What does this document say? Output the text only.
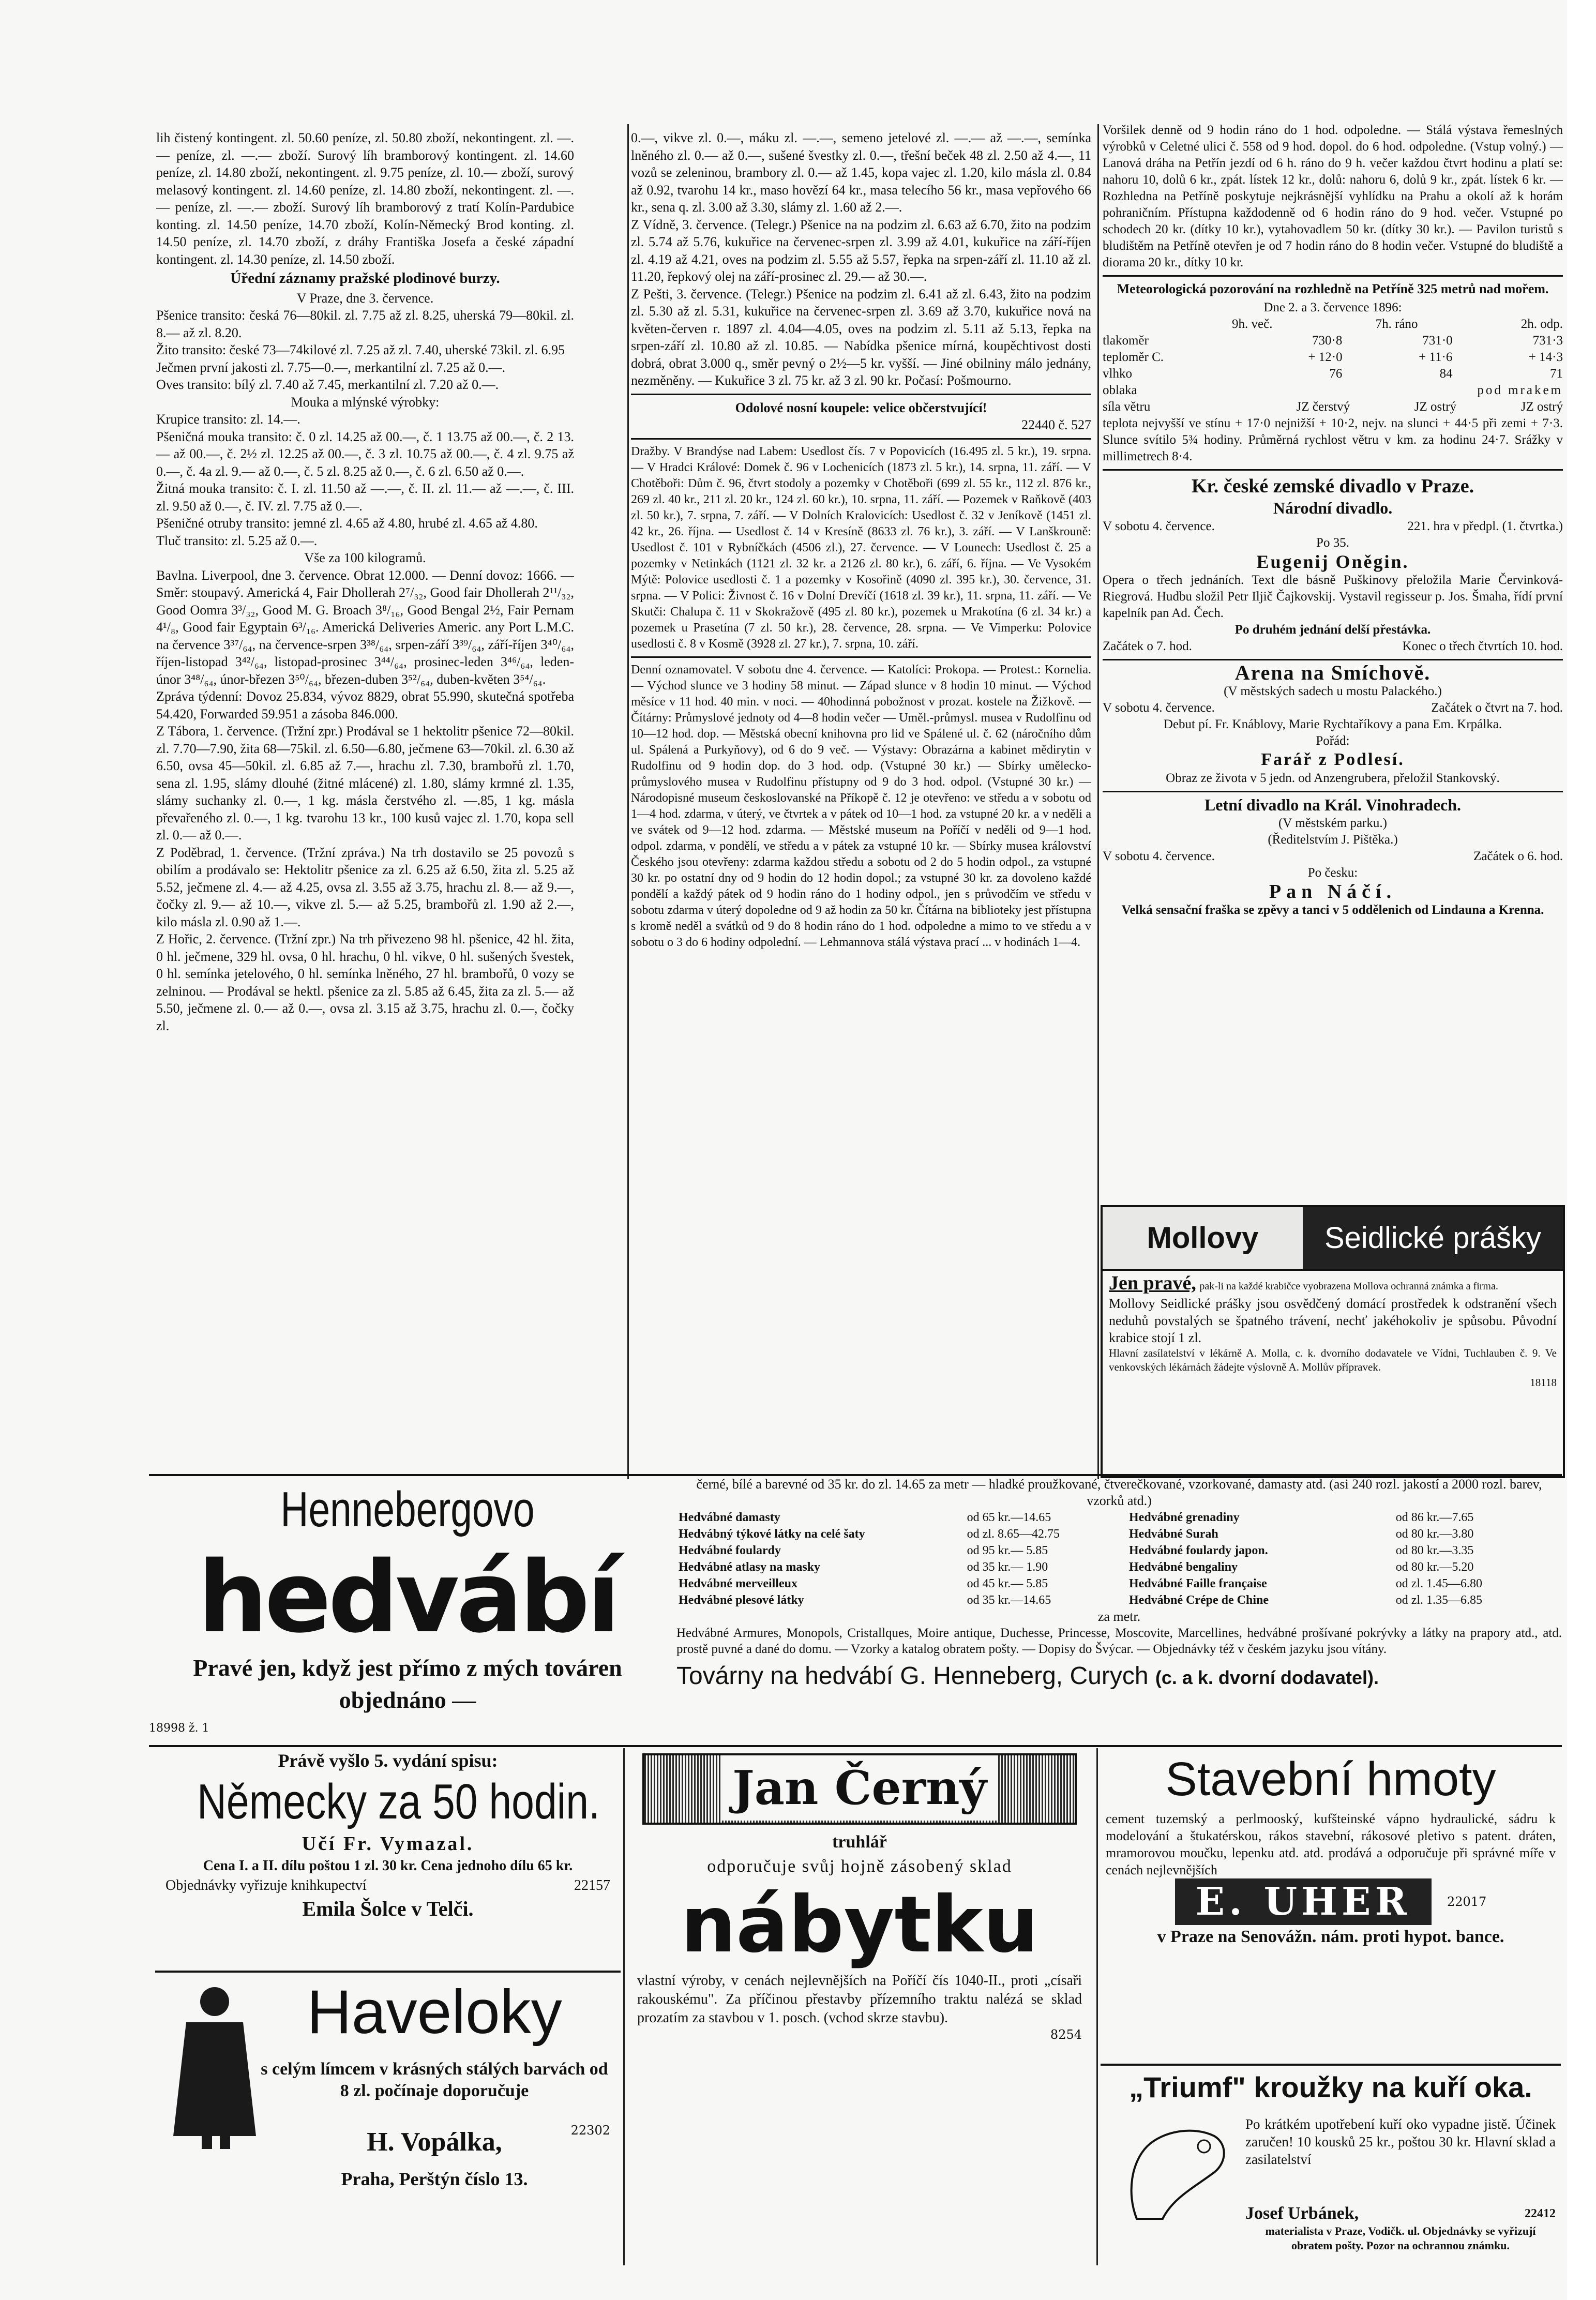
lih čistený kontingent. zl. 50.60 peníze, zl. 50.80 zboží, nekontingent. zl. —.— peníze, zl. —.— zboží. Surový líh bramborový kontingent. zl. 14.60 peníze, zl. 14.80 zboží, nekontingent. zl. 9.75 peníze, zl. 10.— zboží, surový melasový kontingent. zl. 14.60 peníze, zl. 14.80 zboží, nekontingent. zl. —.— peníze, zl. —.— zboží. Surový líh bramborový z tratí Kolín-Pardubice konting. zl. 14.50 peníze, 14.70 zboží, Kolín-Německý Brod konting. zl. 14.50 peníze, zl. 14.70 zboží, z dráhy Františka Josefa a české západní kontingent. zl. 14.30 peníze, zl. 14.50 zboží.

Úřední záznamy pražské plodinové burzy.

V Praze, dne 3. července.

Pšenice transito: česká 76—80kil. zl. 7.75 až zl. 8.25, uherská 79—80kil. zl. 8.— až zl. 8.20.

Žito transito: české 73—74kilové zl. 7.25 až zl. 7.40, uherské 73kil. zl. 6.95

Ječmen první jakosti zl. 7.75—0.—, merkantilní zl. 7.25 až 0.—.

Oves transito: bílý zl. 7.40 až 7.45, merkantilní zl. 7.20 až 0.—.

Mouka a mlýnské výrobky:

Krupice transito: zl. 14.—.

Pšeničná mouka transito: č. 0 zl. 14.25 až 00.—, č. 1 13.75 až 00.—, č. 2 13.— až 00.—, č. 2½ zl. 12.25 až 00.—, č. 3 zl. 10.75 až 00.—, č. 4 zl. 9.75 až 0.—, č. 4a zl. 9.— až 0.—, č. 5 zl. 8.25 až 0.—, č. 6 zl. 6.50 až 0.—.

Žitná mouka transito: č. I. zl. 11.50 až —.—, č. II. zl. 11.— až —.—, č. III. zl. 9.50 až 0.—, č. IV. zl. 7.75 až 0.—.

Pšeničné otruby transito: jemné zl. 4.65 až 4.80, hrubé zl. 4.65 až 4.80.

Tluč transito: zl. 5.25 až 0.—.

Vše za 100 kilogramů.

Bavlna. Liverpool, dne 3. července. Obrat 12.000. — Denní dovoz: 1666. — Směr: stoupavý. Americká 4, Fair Dhollerah 2⁷/₃₂, Good fair Dhollerah 2¹¹/₃₂, Good Oomra 3³/₃₂, Good M. G. Broach 3⁸/₁₆, Good Bengal 2½, Fair Pernam 4¹/₈, Good fair Egyptain 6³/₁₆. Americká Deliveries Americ. any Port L.M.C. na července 3³⁷/₆₄, na července-srpen 3³⁸/₆₄, srpen-září 3³⁹/₆₄, září-říjen 3⁴⁰/₆₄, říjen-listopad 3⁴²/₆₄, listopad-prosinec 3⁴⁴/₆₄, prosinec-leden 3⁴⁶/₆₄, leden-únor 3⁴⁸/₆₄, únor-březen 3⁵⁰/₆₄, březen-duben 3⁵²/₆₄, duben-květen 3⁵⁴/₆₄.

Zpráva týdenní: Dovoz 25.834, vývoz 8829, obrat 55.990, skutečná spotřeba 54.420, Forwarded 59.951 a zásoba 846.000.

Z Tábora, 1. července. (Tržní zpr.) Prodával se 1 hektolitr pšenice 72—80kil. zl. 7.70—7.90, žita 68—75kil. zl. 6.50—6.80, ječmene 63—70kil. zl. 6.30 až 6.50, ovsa 45—50kil. zl. 6.85 až 7.—, hrachu zl. 7.30, brambořů zl. 1.70, sena zl. 1.95, slámy dlouhé (žitné mlácené) zl. 1.80, slámy krmné zl. 1.35, slámy suchanky zl. 0.—, 1 kg. másla čerstvého zl. —.85, 1 kg. másla převařeného zl. 0.—, 1 kg. tvarohu 13 kr., 100 kusů vajec zl. 1.70, kopa sell zl. 0.— až 0.—.

Z Poděbrad, 1. července. (Tržní zpráva.) Na trh dostavilo se 25 povozů s obilím a prodávalo se: Hektolitr pšenice za zl. 6.25 až 6.50, žita zl. 5.25 až 5.52, ječmene zl. 4.— až 4.25, ovsa zl. 3.55 až 3.75, hrachu zl. 8.— až 9.—, čočky zl. 9.— až 10.—, vikve zl. 5.— až 5.25, brambořů zl. 1.90 až 2.—, kilo másla zl. 0.90 až 1.—.

Z Hořic, 2. července. (Tržní zpr.) Na trh přivezeno 98 hl. pšenice, 42 hl. žita, 0 hl. ječmene, 329 hl. ovsa, 0 hl. hrachu, 0 hl. vikve, 0 hl. sušených švestek, 0 hl. semínka jetelového, 0 hl. semínka lněného, 27 hl. brambořů, 0 vozy se zelninou. — Prodával se hektl. pšenice za zl. 5.85 až 6.45, žita za zl. 5.— až 5.50, ječmene zl. 0.— až 0.—, ovsa zl. 3.15 až 3.75, hrachu zl. 0.—, čočky zl.

0.—, vikve zl. 0.—, máku zl. —.—, semeno jetelové zl. —.— až —.—, semínka lněného zl. 0.— až 0.—, sušené švestky zl. 0.—, třešní beček 48 zl. 2.50 až 4.—, 11 vozů se zeleninou, brambory zl. 0.— až 1.45, kopa vajec zl. 1.20, kilo másla zl. 0.84 až 0.92, tvarohu 14 kr., maso hovězí 64 kr., masa telecího 56 kr., masa vepřového 66 kr., sena q. zl. 3.00 až 3.30, slámy zl. 1.60 až 2.—.

Z Vídně, 3. července. (Telegr.) Pšenice na na podzim zl. 6.63 až 6.70, žito na podzim zl. 5.74 až 5.76, kukuřice na červenec-srpen zl. 3.99 až 4.01, kukuřice na září-říjen zl. 4.19 až 4.21, oves na podzim zl. 5.55 až 5.57, řepka na srpen-září zl. 11.10 až zl. 11.20, řepkový olej na září-prosinec zl. 29.— až 30.—.

Z Pešti, 3. července. (Telegr.) Pšenice na podzim zl. 6.41 až zl. 6.43, žito na podzim zl. 5.30 až zl. 5.31, kukuřice na červenec-srpen zl. 3.69 až 3.70, kukuřice nová na květen-červen r. 1897 zl. 4.04—4.05, oves na podzim zl. 5.11 až 5.13, řepka na srpen-září zl. 10.80 až zl. 10.85. — Nabídka pšenice mírná, koupěchtivost dosti dobrá, obrat 3.000 q., směr pevný o 2½—5 kr. vyšší. — Jiné obilniny málo jednány, nezměněny. — Kukuřice 3 zl. 75 kr. až 3 zl. 90 kr. Počasí: Pošmourno.

Odolové nosní koupele: velice občerstvující!

22440 č. 527

Dražby. V Brandýse nad Labem: Usedlost čís. 7 v Popovicích (16.495 zl. 5 kr.), 19. srpna. — V Hradci Králové: Domek č. 96 v Lochenicích (1873 zl. 5 kr.), 14. srpna, 11. září. — V Chotěboři: Dům č. 96, čtvrt stodoly a pozemky v Chotěboři (699 zl. 55 kr., 112 zl. 876 kr., 269 zl. 40 kr., 211 zl. 20 kr., 124 zl. 60 kr.), 10. srpna, 11. září. — Pozemek v Raňkově (403 zl. 50 kr.), 7. srpna, 7. září. — V Dolních Kralovicích: Usedlost č. 32 v Jeníkově (1451 zl. 42 kr., 26. října. — Usedlost č. 14 v Kresíně (8633 zl. 76 kr.), 3. září. — V Lanškrouně: Usedlost č. 101 v Rybníčkách (4506 zl.), 27. července. — V Lounech: Usedlost č. 25 a pozemky v Netinkách (1121 zl. 32 kr. a 2126 zl. 80 kr.), 6. září, 6. října. — Ve Vysokém Mýtě: Polovice usedlosti č. 1 a pozemky v Kosořině (4090 zl. 395 kr.), 30. července, 31. srpna. — V Polici: Živnost č. 16 v Dolní Drevíčí (1618 zl. 39 kr.), 11. srpna, 11. září. — Ve Skutči: Chalupa č. 11 v Skokražově (495 zl. 80 kr.), pozemek u Mrakotína (6 zl. 34 kr.) a pozemek u Prasetína (7 zl. 50 kr.), 28. července, 28. srpna. — Ve Vimperku: Polovice usedlosti č. 8 v Kosmě (3928 zl. 27 kr.), 7. srpna, 10. září.

Denní oznamovatel. V sobotu dne 4. července. — Katolíci: Prokopa. — Protest.: Kornelia. — Východ slunce ve 3 hodiny 58 minut. — Západ slunce v 8 hodin 10 minut. — Východ měsíce v 11 hod. 40 min. v noci. — 40hodinná pobožnost v prozat. kostele na Žižkově. — Čítárny: Průmyslové jednoty od 4—8 hodin večer — Uměl.-průmysl. musea v Rudolfinu od 10—12 hod. dop. — Městská obecní knihovna pro lid ve Spálené ul. č. 62 (náročního dům ul. Spálená a Purkyňovy), od 6 do 9 več. — Výstavy: Obrazárna a kabinet mědirytin v Rudolfinu od 9 hodin dop. do 3 hod. odp. (Vstupné 30 kr.) — Sbírky umělecko-průmyslového musea v Rudolfinu přístupny od 9 do 3 hod. odpol. (Vstupné 30 kr.) — Národopisné museum českoslovanské na Příkopě č. 12 je otevřeno: ve středu a v sobotu od 1—4 hod. zdarma, v úterý, ve čtvrtek a v pátek od 10—1 hod. za vstupné 20 kr. a v neděli a ve svátek od 9—12 hod. zdarma. — Městské museum na Poříčí v neděli od 9—1 hod. odpol. zdarma, v pondělí, ve středu a v pátek za vstupné 10 kr. — Sbírky musea království Českého jsou otevřeny: zdarma každou středu a sobotu od 2 do 5 hodin odpol., za vstupné 30 kr. po ostatní dny od 9 hodin do 12 hodin dopol.; za vstupné 30 kr. za dovoleno každé pondělí a každý pátek od 9 hodin ráno do 1 hodiny odpol., jen s průvodčím ve středu v sobotu zdarma v úterý dopoledne od 9 až hodin za 50 kr. Čítárna na biblioteky jest přístupna s kromě neděl a svátků od 9 do 8 hodin ráno do 1 hod. odpoledne a mimo to ve středu a v sobotu o 3 do 6 hodiny odpolední. — Lehmannova stálá výstava prací ... v hodinách 1—4.

Voršilek denně od 9 hodin ráno do 1 hod. odpoledne. — Stálá výstava řemeslných výrobků v Celetné ulici č. 558 od 9 hod. dopol. do 6 hod. odpoledne. (Vstup volný.) — Lanová dráha na Petřín jezdí od 6 h. ráno do 9 h. večer každou čtvrt hodinu a platí se: nahoru 10, dolů 6 kr., zpát. lístek 12 kr., dolů: nahoru 6, dolů 9 kr., zpát. lístek 6 kr. — Rozhledna na Petříně poskytuje nejkrásnější vyhlídku na Prahu a okolí až k horám pohraničním. Přístupna každodenně od 6 hodin ráno do 9 hod. večer. Vstupné po schodech 20 kr. (dítky 10 kr.), vytahovadlem 50 kr. (dítky 30 kr.). — Pavilon turistů s bludištěm na Petříně otevřen je od 7 hodin ráno do 8 hodin večer. Vstupné do bludiště a diorama 20 kr., dítky 10 kr.

Meteorologická pozorování na rozhledně na Petříně 325 metrů nad mořem.

Dne 2. a 3. července 1896:

9h. več.	7h. ráno	2h. odp.
tlakoměr	730·8	731·0	731·3
teploměr C.	+ 12·0	+ 11·6	+ 14·3
vlhko	76	84	71
oblaka	pod mrakem
síla větru	JZ čerstvý	JZ ostrý	JZ ostrý

teplota nejvyšší ve stínu + 17·0 nejnižší + 10·2, nejv. na slunci + 44·5 při zemi + 7·3. Slunce svítilo 5¾ hodiny. Průměrná rychlost větru v km. za hodinu 24·7. Srážky v millimetrech 8·4.

Kr. české zemské divadlo v Praze.

Národní divadlo.

V sobotu 4. července.	221. hra v předpl. (1. čtvrtka.)

Po 35.

Eugenij Oněgin.

Opera o třech jednáních. Text dle básně Puškinovy přeložila Marie Červinková-Riegrová. Hudbu složil Petr Iljič Čajkovskij. Vystavil regisseur p. Jos. Šmaha, řídí první kapelník pan Ad. Čech.

Po druhém jednání delší přestávka.

Začátek o 7. hod.	Konec o třech čtvrtích 10. hod.

Arena na Smíchově.

(V městských sadech u mostu Palackého.)

V sobotu 4. července.	Začátek o čtvrt na 7. hod.

Debut pí. Fr. Knáblovy, Marie Rychtaříkovy a pana Em. Krpálka.

Pořád:

Farář z Podlesí.

Obraz ze života v 5 jedn. od Anzengrubera, přeložil Stankovský.

Letní divadlo na Král. Vinohradech.

(V městském parku.)

(Ředitelstvím J. Pištěka.)

V sobotu 4. července.	Začátek o 6. hod.

Po česku:

Pan Náčí.

Velká sensační fraška se zpěvy a tanci v 5 oddělenich od Lindauna a Krenna.

Mollovy	Seidlické prášky

Jen pravé, pak-li na každé krabičce vyobrazena Mollova ochranná známka a firma.

Mollovy Seidlické prášky jsou osvědčený domácí prostředek k odstranění všech neduhů povstalých se špatného trávení, nechť jakéhokoliv je spůsobu. Původní krabice stojí 1 zl.

Hlavní zasílatelství v lékárně A. Molla, c. k. dvorního dodavatele ve Vídni, Tuchlauben č. 9. Ve venkovských lékárnách žádejte výslovně A. Mollův přípravek.

18118

Hennebergovo
hedvábí
Pravé jen, když jest přímo z mých továren objednáno —
18998 ž. 1

černé, bílé a barevné od 35 kr. do zl. 14.65 za metr — hladké proužkované, čtverečkované, vzorkované, damasty atd. (asi 240 rozl. jakostí a 2000 rozl. barev, vzorků atd.)

Hedvábné damasty	od 65 kr.—14.65
Hedvábný týkové látky na celé šaty	od zl. 8.65—42.75
Hedvábné foulardy	od 95 kr.— 5.85
Hedvábné atlasy na masky	od 35 kr.— 1.90
Hedvábné merveilleux	od 45 kr.— 5.85
Hedvábné plesové látky	od 35 kr.—14.65
Hedvábné grenadiny	od 86 kr.—7.65
Hedvábné Surah	od 80 kr.—3.80
Hedvábné foulardy japon.	od 80 kr.—3.35
Hedvábné bengaliny	od 80 kr.—5.20
Hedvábné Faille française	od zl. 1.45—6.80
Hedvábné Crépe de Chine	od zl. 1.35—6.85

za metr.

Hedvábné Armures, Monopols, Cristallques, Moire antique, Duchesse, Princesse, Moscovite, Marcellines, hedvábné prošívané pokrývky a látky na prapory atd., atd. prostě puvné a dané do domu. — Vzorky a katalog obratem pošty. — Dopisy do Švýcar. — Objednávky též v českém jazyku jsou vítány.

Továrny na hedvábí G. Henneberg, Curych (c. a k. dvorní dodavatel).
Právě vyšlo 5. vydání spisu:
Německy za 50 hodin.
Učí Fr. Vymazal.
Cena I. a II. dílu poštou 1 zl. 30 kr. Cena jednoho dílu 65 kr.
Objednávky vyřizuje knihkupectví	22157
Emila Šolce v Telči.
Haveloky
s celým límcem v krásných stálých barvách od 8 zl. počínaje doporučuje
H. Vopálka,	22302
Praha, Perštýn číslo 13.
Jan Černý
truhlář
odporučuje svůj hojně zásobený sklad
nábytku
vlastní výroby, v cenách nejlevnějších na Poříčí čís 1040-II., proti „císaři rakouskému". Za příčinou přestavby přízemního traktu nalézá se sklad prozatím za stavbou v 1. posch. (vchod skrze stavbu).
8254
Stavební hmoty
cement tuzemský a perlmooský, kufšteinské vápno hydraulické, sádru k modelování a štukatérskou, rákos stavební, rákosové pletivo s patent. dráten, mramorovou moučku, lepenku atd. atd. prodává a odporučuje při správné míře v cenách nejlevnějších
E. UHER	22017
v Praze na Senovážn. nám. proti hypot. bance.
„Triumf" kroužky na kuří oka.
Po krátkém upotřebení kuří oko vypadne jistě. Účinek zaručen! 10 kousků 25 kr., poštou 30 kr. Hlavní sklad a zasilatelství
Josef Urbánek,	22412
materialista v Praze, Vodičk. ul. Objednávky se vyřizují obratem pošty. Pozor na ochrannou známku.
